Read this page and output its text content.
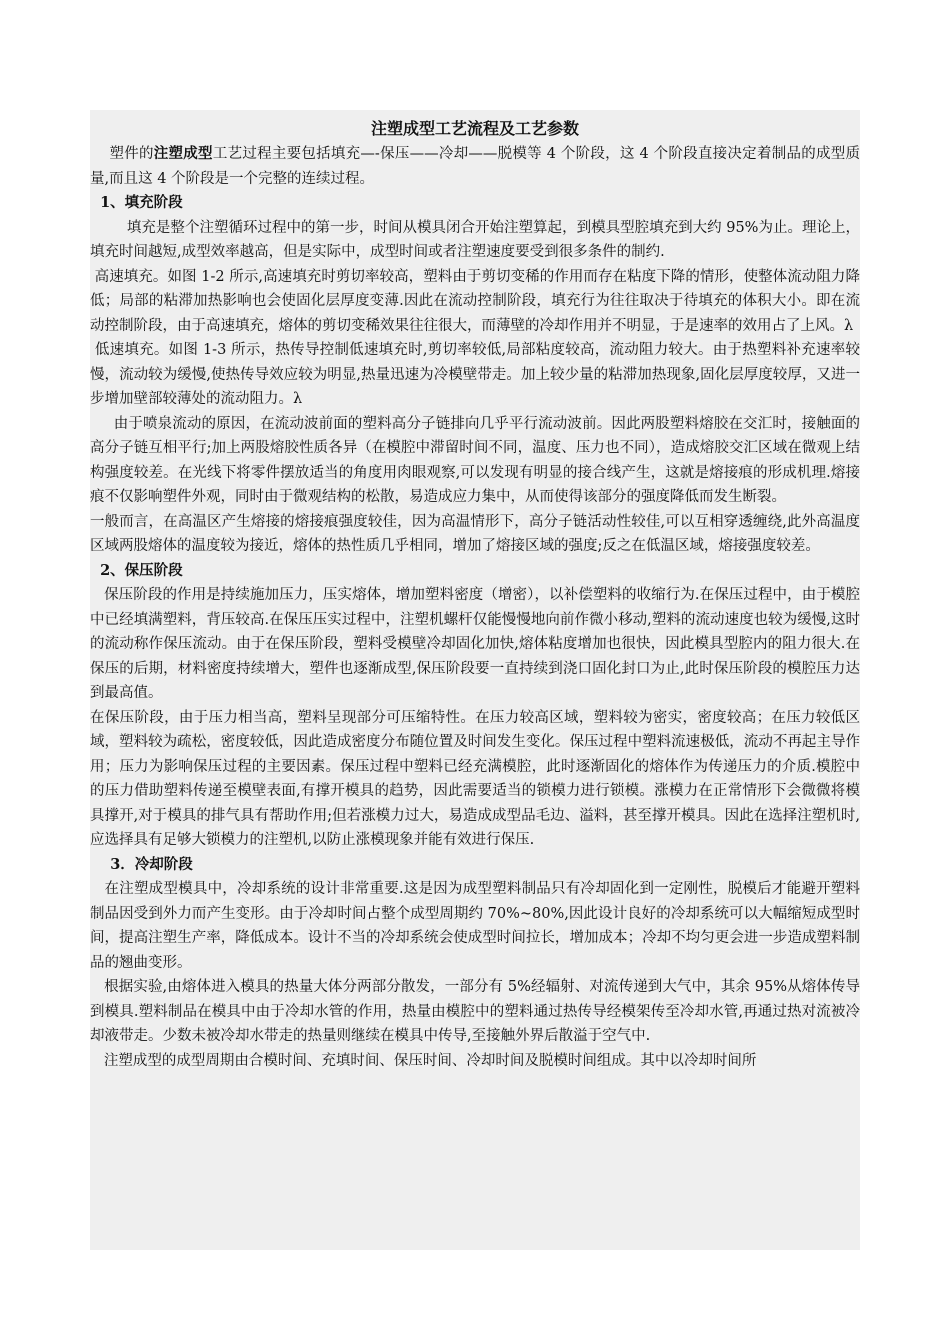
注塑成型工艺流程及工艺参数

塑件的注塑成型工艺过程主要包括填充—-保压——冷却——脱模等 4 个阶段，这 4 个阶段直接决定着制品的成型质量,而且这 4 个阶段是一个完整的连续过程。

1、填充阶段

填充是整个注塑循环过程中的第一步，时间从模具闭合开始注塑算起，到模具型腔填充到大约 95%为止。理论上，填充时间越短,成型效率越高，但是实际中，成型时间或者注塑速度要受到很多条件的制约.

高速填充。如图 1-2 所示,高速填充时剪切率较高，塑料由于剪切变稀的作用而存在粘度下降的情形，使整体流动阻力降低；局部的粘滞加热影响也会使固化层厚度变薄.因此在流动控制阶段，填充行为往往取决于待填充的体积大小。即在流动控制阶段，由于高速填充，熔体的剪切变稀效果往往很大，而薄壁的冷却作用并不明显，于是速率的效用占了上风。λ

低速填充。如图 1-3 所示，热传导控制低速填充时,剪切率较低,局部粘度较高，流动阻力较大。由于热塑料补充速率较慢，流动较为缓慢,使热传导效应较为明显,热量迅速为冷模壁带走。加上较少量的粘滞加热现象,固化层厚度较厚，又进一步增加壁部较薄处的流动阻力。λ

由于喷泉流动的原因，在流动波前面的塑料高分子链排向几乎平行流动波前。因此两股塑料熔胶在交汇时，接触面的高分子链互相平行;加上两股熔胶性质各异（在模腔中滞留时间不同，温度、压力也不同），造成熔胶交汇区域在微观上结构强度较差。在光线下将零件摆放适当的角度用肉眼观察,可以发现有明显的接合线产生，这就是熔接痕的形成机理.熔接痕不仅影响塑件外观，同时由于微观结构的松散，易造成应力集中，从而使得该部分的强度降低而发生断裂。

一般而言，在高温区产生熔接的熔接痕强度较佳，因为高温情形下，高分子链活动性较佳,可以互相穿透缠绕,此外高温度区域两股熔体的温度较为接近，熔体的热性质几乎相同，增加了熔接区域的强度;反之在低温区域，熔接强度较差。

2、保压阶段

保压阶段的作用是持续施加压力，压实熔体，增加塑料密度（增密），以补偿塑料的收缩行为.在保压过程中，由于模腔中已经填满塑料，背压较高.在保压压实过程中，注塑机螺杆仅能慢慢地向前作微小移动,塑料的流动速度也较为缓慢,这时的流动称作保压流动。由于在保压阶段，塑料受模壁冷却固化加快,熔体粘度增加也很快，因此模具型腔内的阻力很大.在保压的后期，材料密度持续增大，塑件也逐渐成型,保压阶段要一直持续到浇口固化封口为止,此时保压阶段的模腔压力达到最高值。

在保压阶段，由于压力相当高，塑料呈现部分可压缩特性。在压力较高区域，塑料较为密实，密度较高；在压力较低区域，塑料较为疏松，密度较低，因此造成密度分布随位置及时间发生变化。保压过程中塑料流速极低，流动不再起主导作用；压力为影响保压过程的主要因素。保压过程中塑料已经充满模腔，此时逐渐固化的熔体作为传递压力的介质.模腔中的压力借助塑料传递至模壁表面,有撑开模具的趋势，因此需要适当的锁模力进行锁模。涨模力在正常情形下会微微将模具撑开,对于模具的排气具有帮助作用;但若涨模力过大，易造成成型品毛边、溢料，甚至撑开模具。因此在选择注塑机时,应选择具有足够大锁模力的注塑机,以防止涨模现象并能有效进行保压.

3．冷却阶段

在注塑成型模具中，冷却系统的设计非常重要.这是因为成型塑料制品只有冷却固化到一定刚性，脱模后才能避开塑料制品因受到外力而产生变形。由于冷却时间占整个成型周期约 70%~80%,因此设计良好的冷却系统可以大幅缩短成型时间，提高注塑生产率，降低成本。设计不当的冷却系统会使成型时间拉长，增加成本；冷却不均匀更会进一步造成塑料制品的翘曲变形。

根据实验,由熔体进入模具的热量大体分两部分散发，一部分有 5%经辐射、对流传递到大气中，其余 95%从熔体传导到模具.塑料制品在模具中由于冷却水管的作用，热量由模腔中的塑料通过热传导经模架传至冷却水管,再通过热对流被冷却液带走。少数未被冷却水带走的热量则继续在模具中传导,至接触外界后散溢于空气中.

注塑成型的成型周期由合模时间、充填时间、保压时间、冷却时间及脱模时间组成。其中以冷却时间所
